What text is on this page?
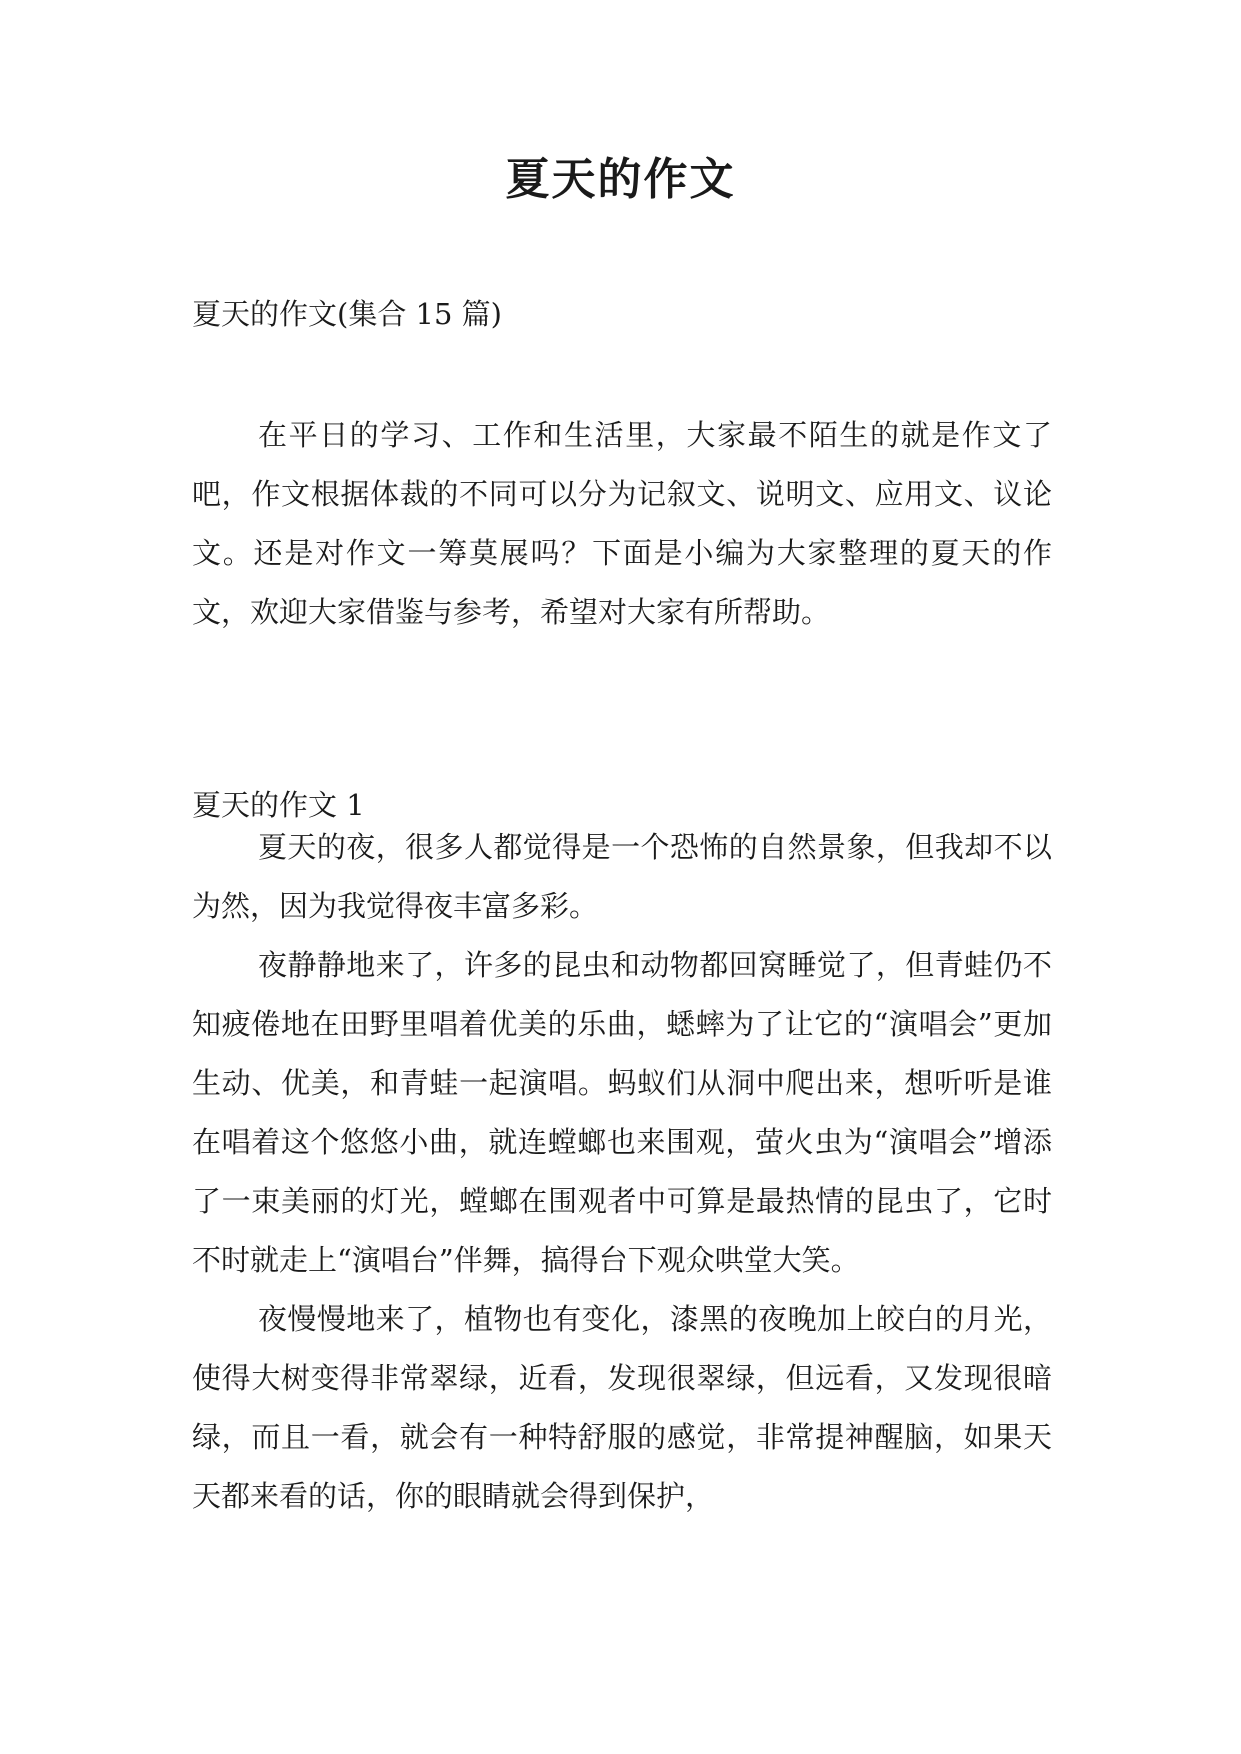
夏天的作文

夏天的作文(集合 15 篇)

在平日的学习、工作和生活里，大家最不陌生的就是作文了吧，作文根据体裁的不同可以分为记叙文、说明文、应用文、议论文。还是对作文一筹莫展吗？下面是小编为大家整理的夏天的作文，欢迎大家借鉴与参考，希望对大家有所帮助。

夏天的作文 1

夏天的夜，很多人都觉得是一个恐怖的自然景象，但我却不以为然，因为我觉得夜丰富多彩。

夜静静地来了，许多的昆虫和动物都回窝睡觉了，但青蛙仍不知疲倦地在田野里唱着优美的乐曲，蟋蟀为了让它的“演唱会”更加生动、优美，和青蛙一起演唱。蚂蚁们从洞中爬出来，想听听是谁在唱着这个悠悠小曲，就连螳螂也来围观，萤火虫为“演唱会”增添了一束美丽的灯光，螳螂在围观者中可算是最热情的昆虫了，它时不时就走上“演唱台”伴舞，搞得台下观众哄堂大笑。

夜慢慢地来了，植物也有变化，漆黑的夜晚加上皎白的月光，使得大树变得非常翠绿，近看，发现很翠绿，但远看，又发现很暗绿，而且一看，就会有一种特舒服的感觉，非常提神醒脑，如果天天都来看的话，你的眼睛就会得到保护，
